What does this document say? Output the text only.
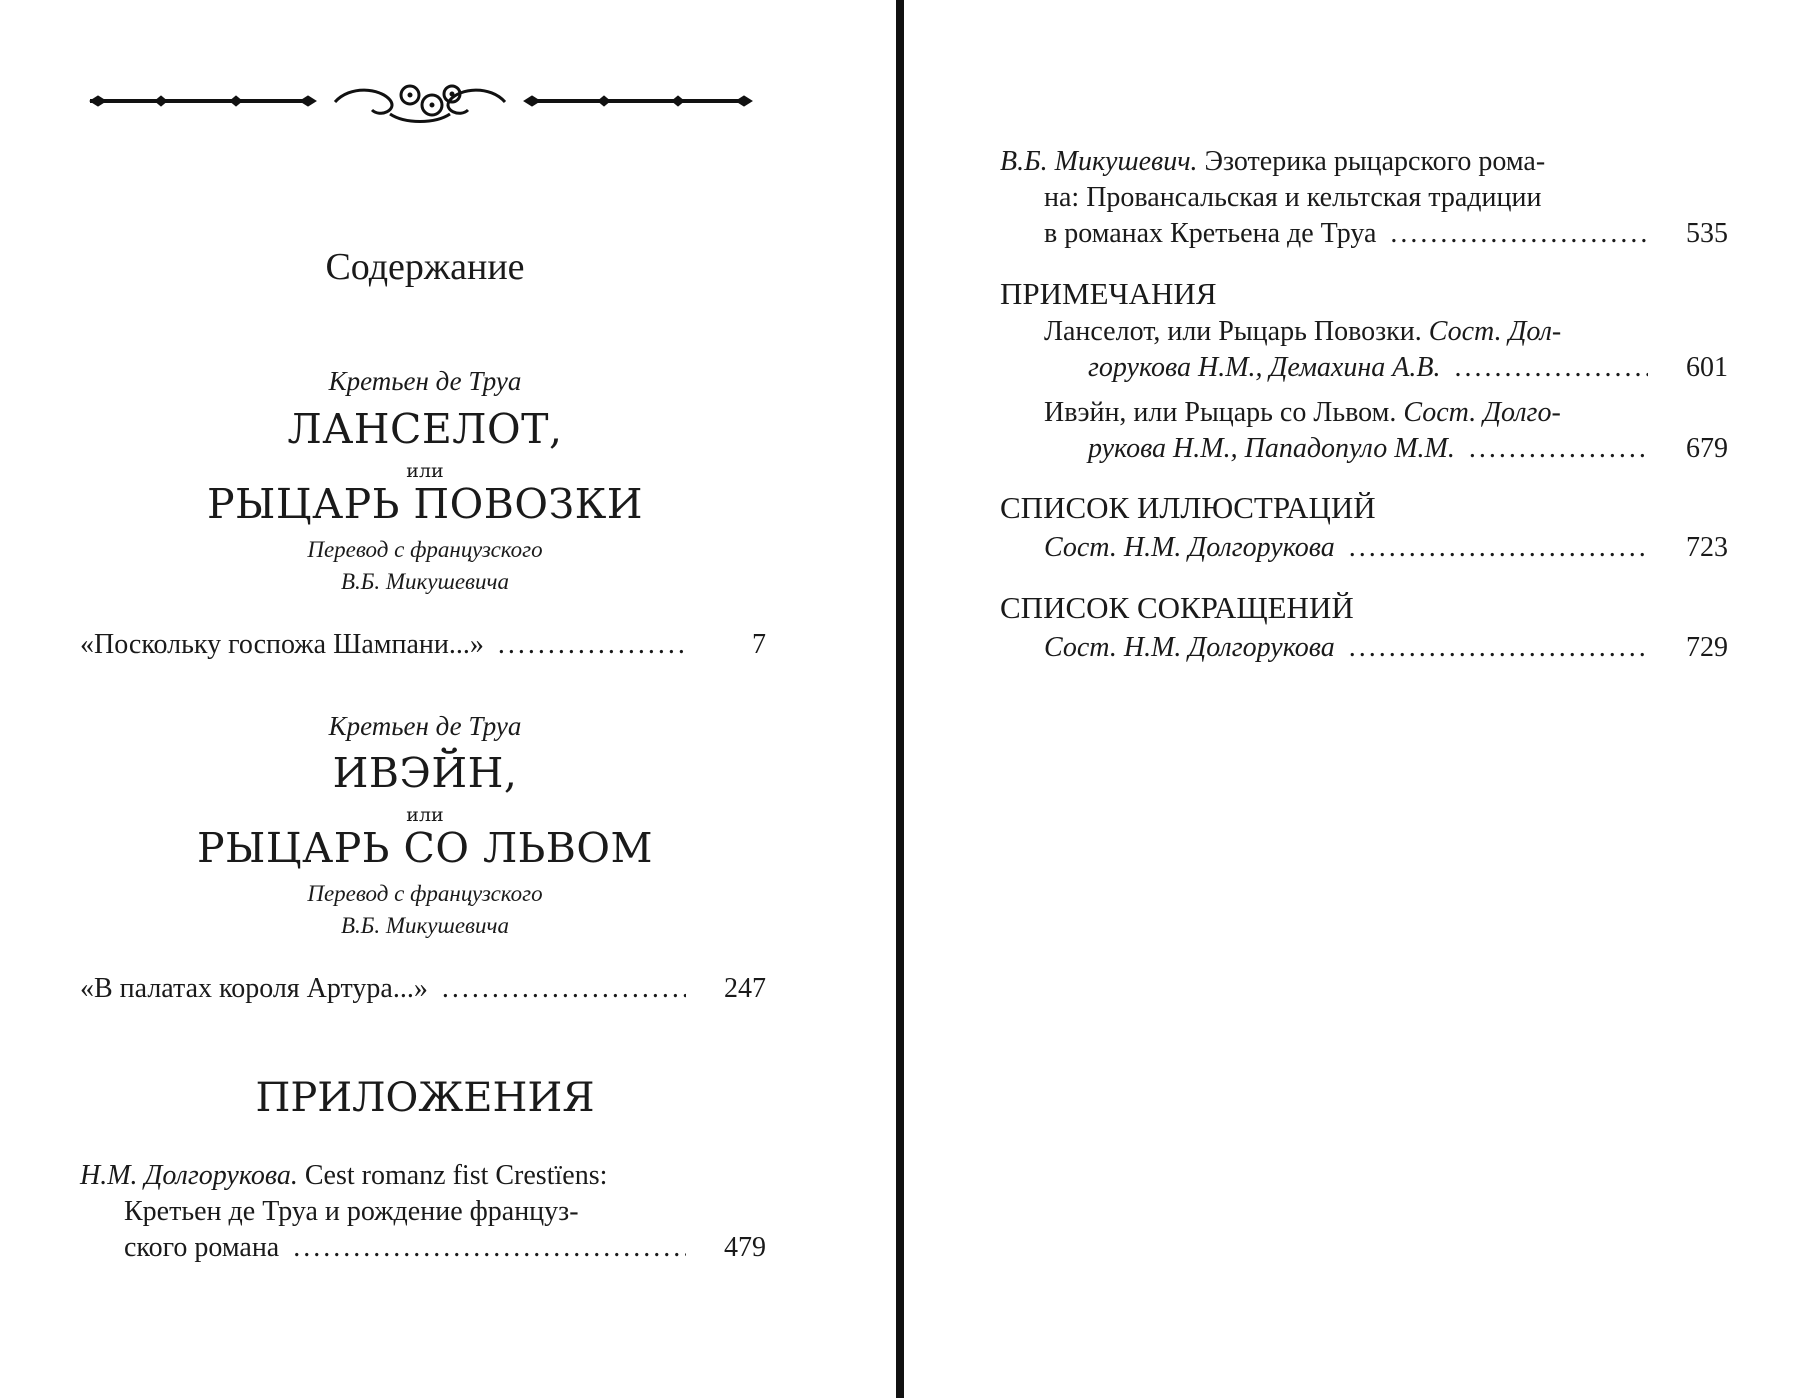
Содержание
Кретьен де Труа
ЛАНСЕЛОТ,
или
РЫЦАРЬ ПОВОЗКИ
Перевод с французского
В.Б. Микушевича
«Поскольку госпожа Шампани...» . . .	7
Кретьен де Труа
ИВЭЙН,
или
РЫЦАРЬ СО ЛЬВОМ
Перевод с французского
В.Б. Микушевича
«В палатах короля Артура...» . . .	247
ПРИЛОЖЕНИЯ
Н.М. Долгорукова. Cest romanz fist Crestïens:
Кретьен де Труа и рождение француз-
ского романа . . .	479
В.Б. Микушевич. Эзотерика рыцарского рома-
на: Провансальская и кельтская традиции
в романах Кретьена де Труа . . .	535
ПРИМЕЧАНИЯ
Ланселот, или Рыцарь Повозки. Сост. Дол-
горукова Н.М., Демахина А.В. . . .	601
Ивэйн, или Рыцарь со Львом. Сост. Долго-
рукова Н.М., Пападопуло М.М. . . .	679
СПИСОК ИЛЛЮСТРАЦИЙ
Сост. Н.М. Долгорукова . . .	723
СПИСОК СОКРАЩЕНИЙ
Сост. Н.М. Долгорукова . . .	729
